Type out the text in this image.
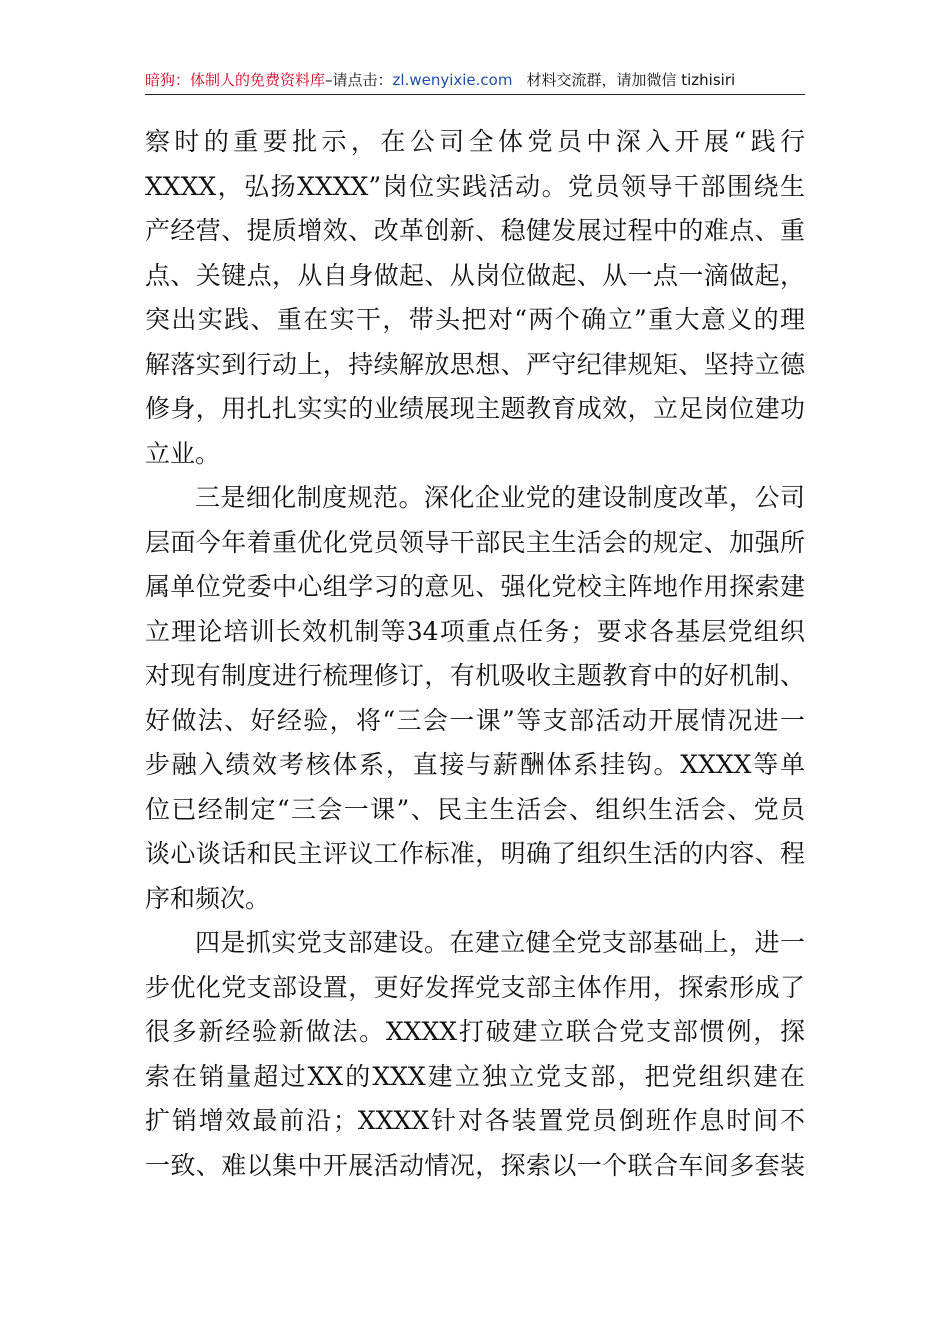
暗狗：体制人的免费资料库–请点击：zl.wenyixie.com 材料交流群，请加微信 tizhisiri
察时的重要批示，在公司全体党员中深入开展“践行
XXXX，弘扬XXXX”岗位实践活动。党员领导干部围绕生
产经营、提质增效、改革创新、稳健发展过程中的难点、重
点、关键点，从自身做起、从岗位做起、从一点一滴做起，
突出实践、重在实干，带头把对“两个确立”重大意义的理
解落实到行动上，持续解放思想、严守纪律规矩、坚持立德
修身，用扎扎实实的业绩展现主题教育成效，立足岗位建功
立业。
三是细化制度规范。深化企业党的建设制度改革，公司
层面今年着重优化党员领导干部民主生活会的规定、加强所
属单位党委中心组学习的意见、强化党校主阵地作用探索建
立理论培训长效机制等34项重点任务；要求各基层党组织
对现有制度进行梳理修订，有机吸收主题教育中的好机制、
好做法、好经验，将“三会一课”等支部活动开展情况进一
步融入绩效考核体系，直接与薪酬体系挂钩。XXXX等单
位已经制定“三会一课”、民主生活会、组织生活会、党员
谈心谈话和民主评议工作标准，明确了组织生活的内容、程
序和频次。
四是抓实党支部建设。在建立健全党支部基础上，进一
步优化党支部设置，更好发挥党支部主体作用，探索形成了
很多新经验新做法。XXXX打破建立联合党支部惯例，探
索在销量超过XX的XXX建立独立党支部，把党组织建在
扩销增效最前沿；XXXX针对各装置党员倒班作息时间不
一致、难以集中开展活动情况，探索以一个联合车间多套装
